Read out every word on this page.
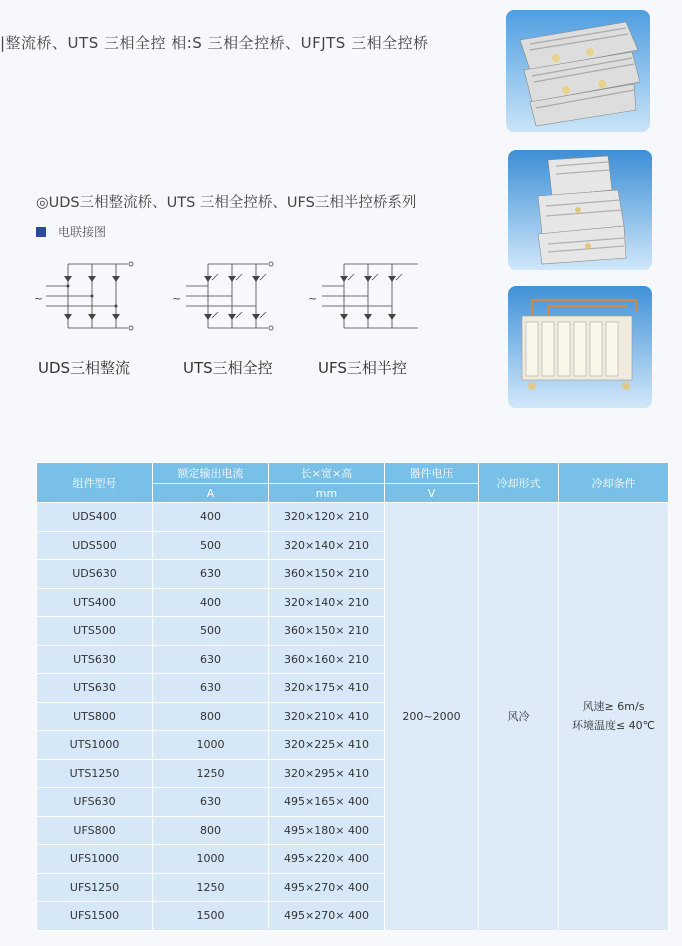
|整流桥、UTS 三相全控 相:S 三相全控桥、UFJTS 三相全控桥
◎UDS三相整流桥、UTS 三相全控桥、UFS三相半控桥系列
电联接图
~	~	~
UDS三相整流	UTS三相全控	UFS三相半控
组件型号	额定输出电流	长×宽×高	器件电压	冷却形式	冷却条件
	A	mm	V		
UDS400	400	320×120× 210	200~2000	风冷	风速≥ 6m/s
环境温度≤ 40℃

UDS500	500	320×140× 210			
UDS630	630	360×150× 210			
UTS400	400	320×140× 210			
UTS500	500	360×150× 210			
UTS630	630	360×160× 210			
UTS630	630	320×175× 410			
UTS800	800	320×210× 410			
UTS1000	1000	320×225× 410			
UTS1250	1250	320×295× 410			
UFS630	630	495×165× 400			
UFS800	800	495×180× 400			
UFS1000	1000	495×220× 400			
UFS1250	1250	495×270× 400			
UFS1500	1500	495×270× 400			
